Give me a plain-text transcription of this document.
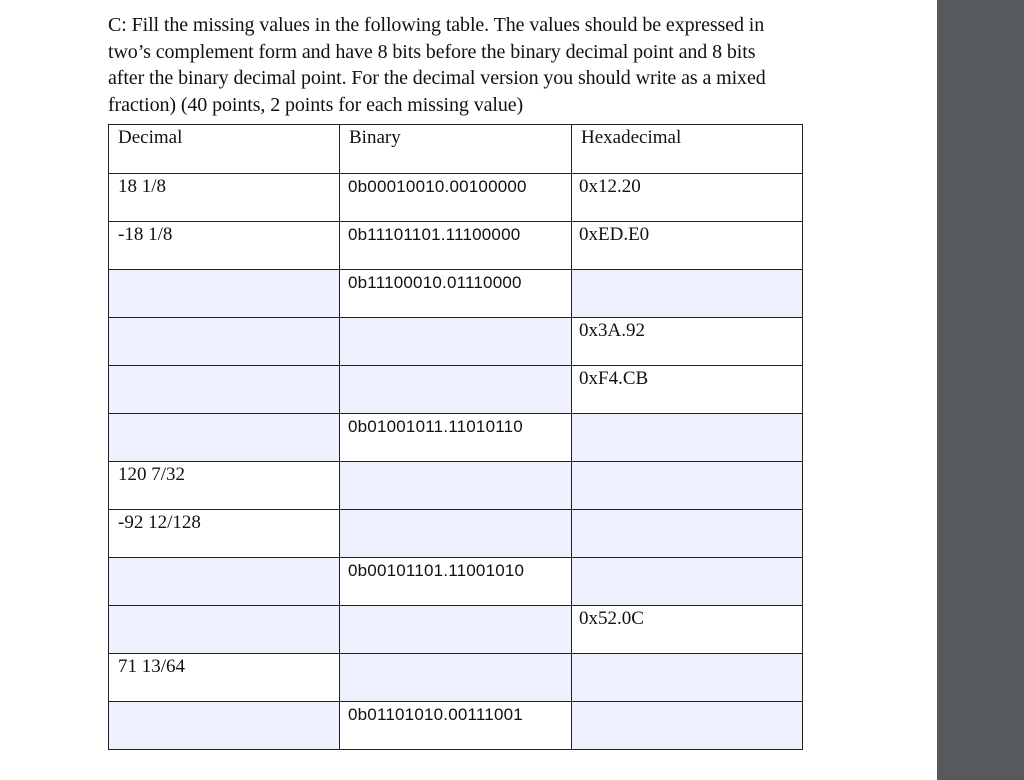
C: Fill the missing values in the following table. The values should be expressed in
two’s complement form and have 8 bits before the binary decimal point and 8 bits
after the binary decimal point. For the decimal version you should write as a mixed
fraction) (40 points, 2 points for each missing value)
Decimal	Binary	Hexadecimal
18 1/8	0b00010010.00100000	0x12.20
-18 1/8	0b11101101.11100000	0xED.E0
	0b11100010.01110000	
		0x3A.92
		0xF4.CB
	0b01001011.11010110	
120 7/32		
-92 12/128		
	0b00101101.11001010	
		0x52.0C
71 13/64		
	0b01101010.00111001	
